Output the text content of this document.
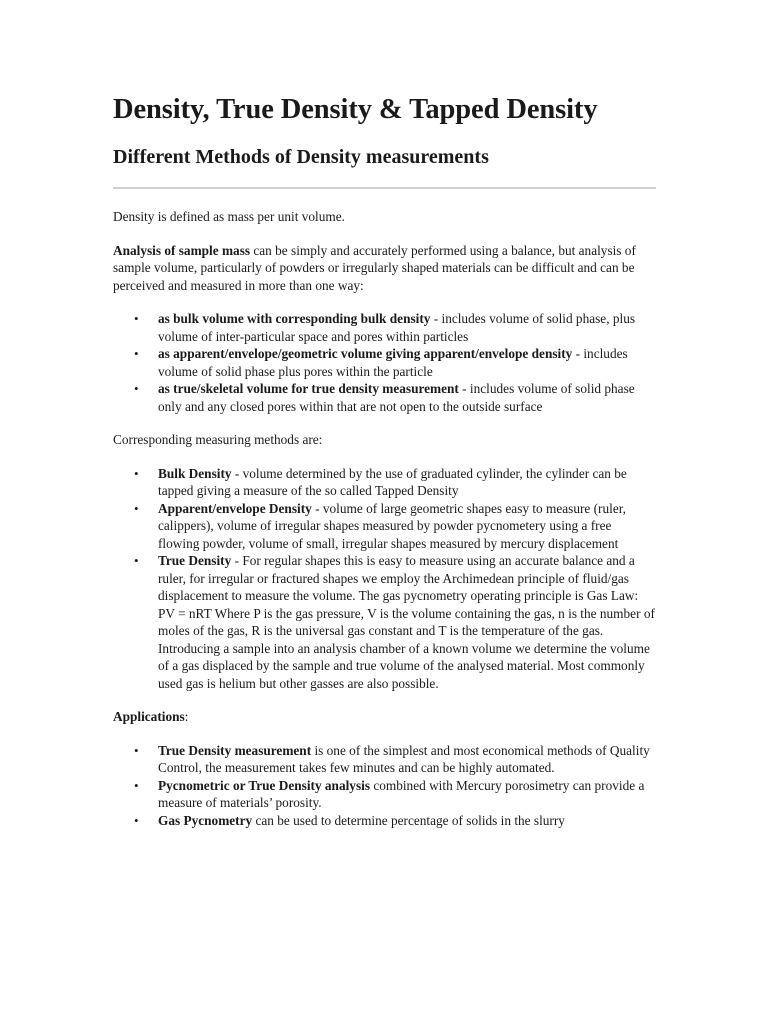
Density, True Density & Tapped Density
Different Methods of Density measurements

Density is defined as mass per unit volume.

Analysis of sample mass can be simply and accurately performed using a balance, but analysis of sample volume, particularly of powders or irregularly shaped materials can be difficult and can be perceived and measured in more than one way:

• as bulk volume with corresponding bulk density - includes volume of solid phase, plus volume of inter-particular space and pores within particles
• as apparent/envelope/geometric volume giving apparent/envelope density - includes volume of solid phase plus pores within the particle
• as true/skeletal volume for true density measurement - includes volume of solid phase only and any closed pores within that are not open to the outside surface

Corresponding measuring methods are:

• Bulk Density - volume determined by the use of graduated cylinder, the cylinder can be tapped giving a measure of the so called Tapped Density
• Apparent/envelope Density - volume of large geometric shapes easy to measure (ruler, calippers), volume of irregular shapes measured by powder pycnometery using a free flowing powder, volume of small, irregular shapes measured by mercury displacement
• True Density - For regular shapes this is easy to measure using an accurate balance and a ruler, for irregular or fractured shapes we employ the Archimedean principle of fluid/gas displacement to measure the volume. The gas pycnometry operating principle is Gas Law: PV = nRT Where P is the gas pressure, V is the volume containing the gas, n is the number of moles of the gas, R is the universal gas constant and T is the temperature of the gas. Introducing a sample into an analysis chamber of a known volume we determine the volume of a gas displaced by the sample and true volume of the analysed material. Most commonly used gas is helium but other gasses are also possible.

Applications:

• True Density measurement is one of the simplest and most economical methods of Quality Control, the measurement takes few minutes and can be highly automated.
• Pycnometric or True Density analysis combined with Mercury porosimetry can provide a measure of materials’ porosity.
• Gas Pycnometry can be used to determine percentage of solids in the slurry
